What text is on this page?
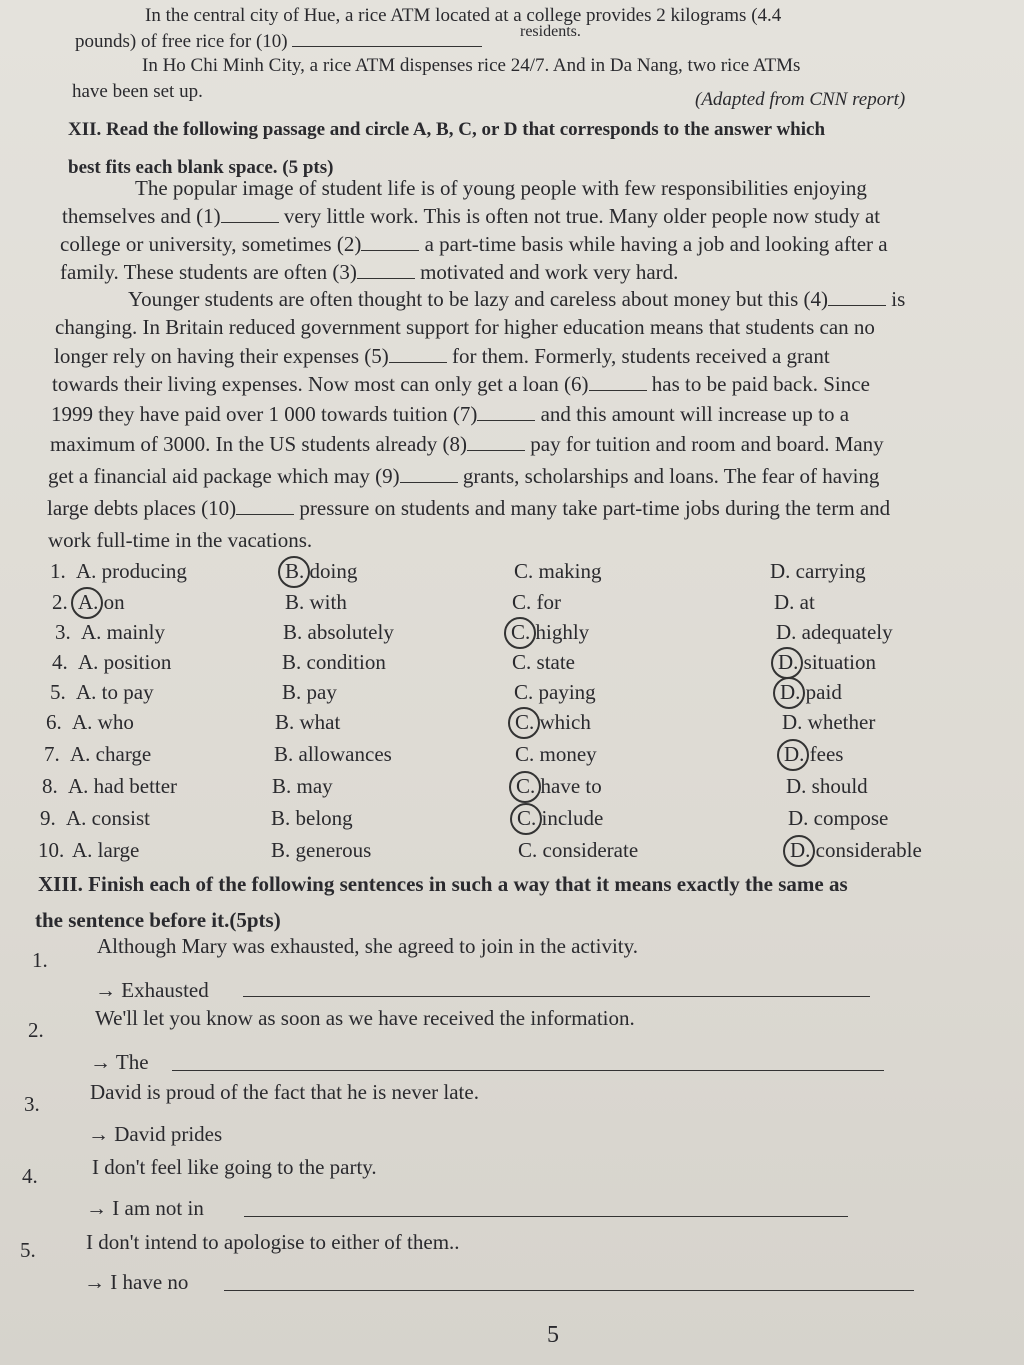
In the central city of Hue, a rice ATM located at a college provides 2 kilograms (4.4
pounds) of free rice for (10)	residents.
In Ho Chi Minh City, a rice ATM dispenses rice 24/7. And in Da Nang, two rice ATMs
have been set up.	(Adapted from CNN report)
XII. Read the following passage and circle A, B, C, or D that corresponds to the answer which
best fits each blank space. (5 pts)
The popular image of student life is of young people with few responsibilities enjoying
themselves and (1)	very little work. This is often not true. Many older people now study at
college or university, sometimes (2)	a part-time basis while having a job and looking after a
family. These students are often (3)	motivated and work very hard.
Younger students are often thought to be lazy and careless about money but this (4)	is
changing. In Britain reduced government support for higher education means that students can no
longer rely on having their expenses (5)	for them. Formerly, students received a grant
towards their living expenses. Now most can only get a loan (6)	has to be paid back. Since
1999 they have paid over 1 000 towards tuition (7)	and this amount will increase up to a
maximum of 3000. In the US students already (8)	pay for tuition and room and board. Many
get a financial aid package which may (9)	grants, scholarships and loans. The fear of having
large debts places (10)	pressure on students and many take part-time jobs during the term and
work full-time in the vacations.
1. A. producing	B. doing	C. making	D. carrying
2. A. on	B. with	C. for	D. at
3. A. mainly	B. absolutely	C. highly	D. adequately
4. A. position	B. condition	C. state	D. situation
5. A. to pay	B. pay	C. paying	D. paid
6. A. who	B. what	C. which	D. whether
7. A. charge	B. allowances	C. money	D. fees
8. A. had better	B. may	C. have to	D. should
9. A. consist	B. belong	C. include	D. compose
10. A. large	B. generous	C. considerate	D. considerable
XIII. Finish each of the following sentences in such a way that it means exactly the same as
the sentence before it.(5pts)
1.
Although Mary was exhausted, she agreed to join in the activity.
→ Exhausted
2. We'll let you know as soon as we have received the information.
→ The
3. David is proud of the fact that he is never late.
→ David prides
4.	I don't feel like going to the party.
→ I am not in
5. I don't intend to apologise to either of them..
→ I have no
5
